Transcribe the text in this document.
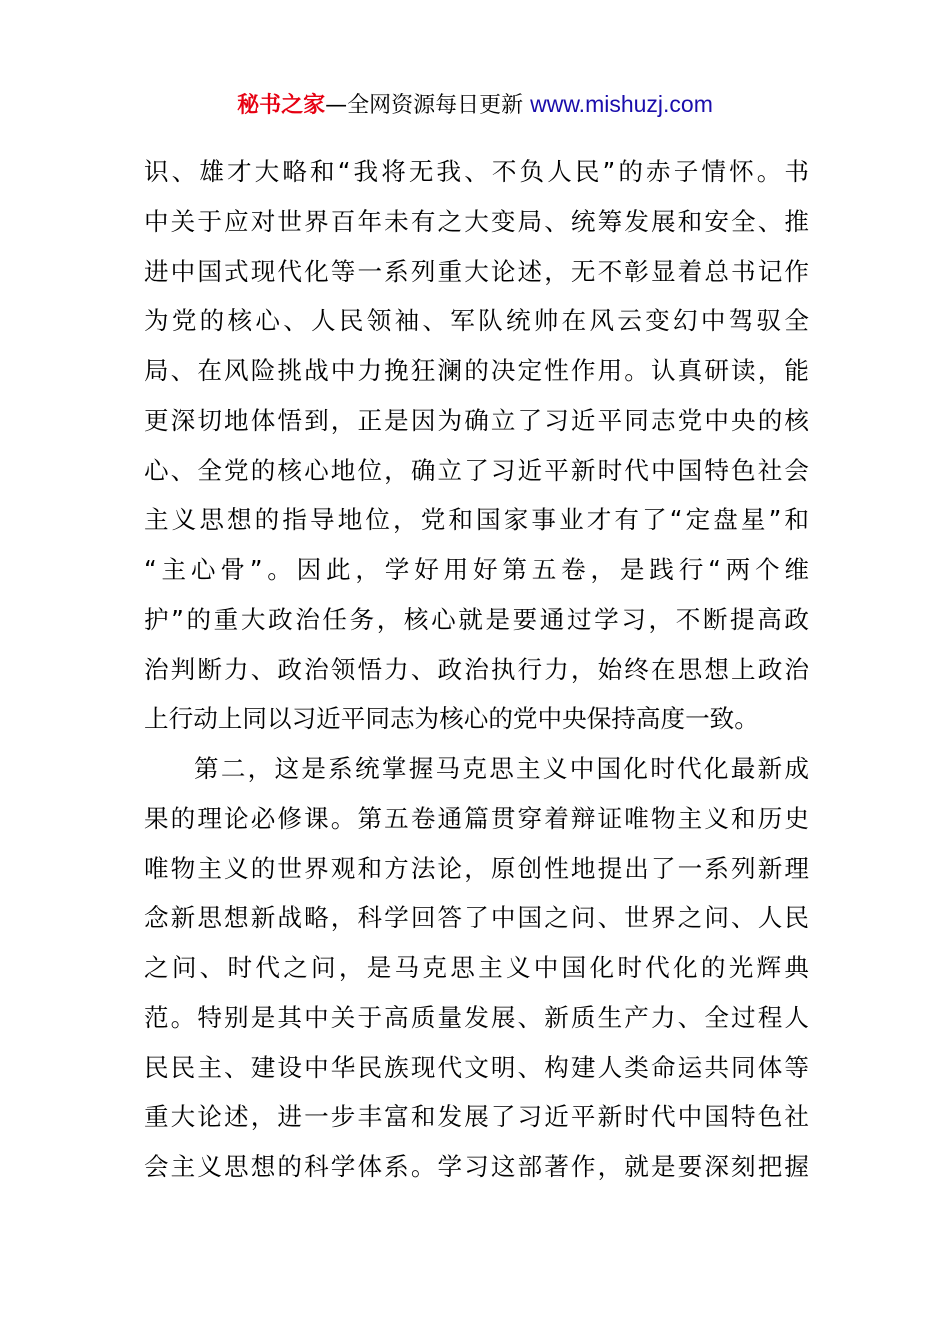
秘书之家—全网资源每日更新 www.mishuzj.com
识、雄才大略和“我将无我、不负人民”的赤子情怀。书
中关于应对世界百年未有之大变局、统筹发展和安全、推
进中国式现代化等一系列重大论述，无不彰显着总书记作
为党的核心、人民领袖、军队统帅在风云变幻中驾驭全
局、在风险挑战中力挽狂澜的决定性作用。认真研读，能
更深切地体悟到，正是因为确立了习近平同志党中央的核
心、全党的核心地位，确立了习近平新时代中国特色社会
主义思想的指导地位，党和国家事业才有了“定盘星”和
“主心骨”。因此，学好用好第五卷，是践行“两个维
护”的重大政治任务，核心就是要通过学习，不断提高政
治判断力、政治领悟力、政治执行力，始终在思想上政治
上行动上同以习近平同志为核心的党中央保持高度一致。
第二，这是系统掌握马克思主义中国化时代化最新成
果的理论必修课。第五卷通篇贯穿着辩证唯物主义和历史
唯物主义的世界观和方法论，原创性地提出了一系列新理
念新思想新战略，科学回答了中国之问、世界之问、人民
之问、时代之问，是马克思主义中国化时代化的光辉典
范。特别是其中关于高质量发展、新质生产力、全过程人
民民主、建设中华民族现代文明、构建人类命运共同体等
重大论述，进一步丰富和发展了习近平新时代中国特色社
会主义思想的科学体系。学习这部著作，就是要深刻把握
